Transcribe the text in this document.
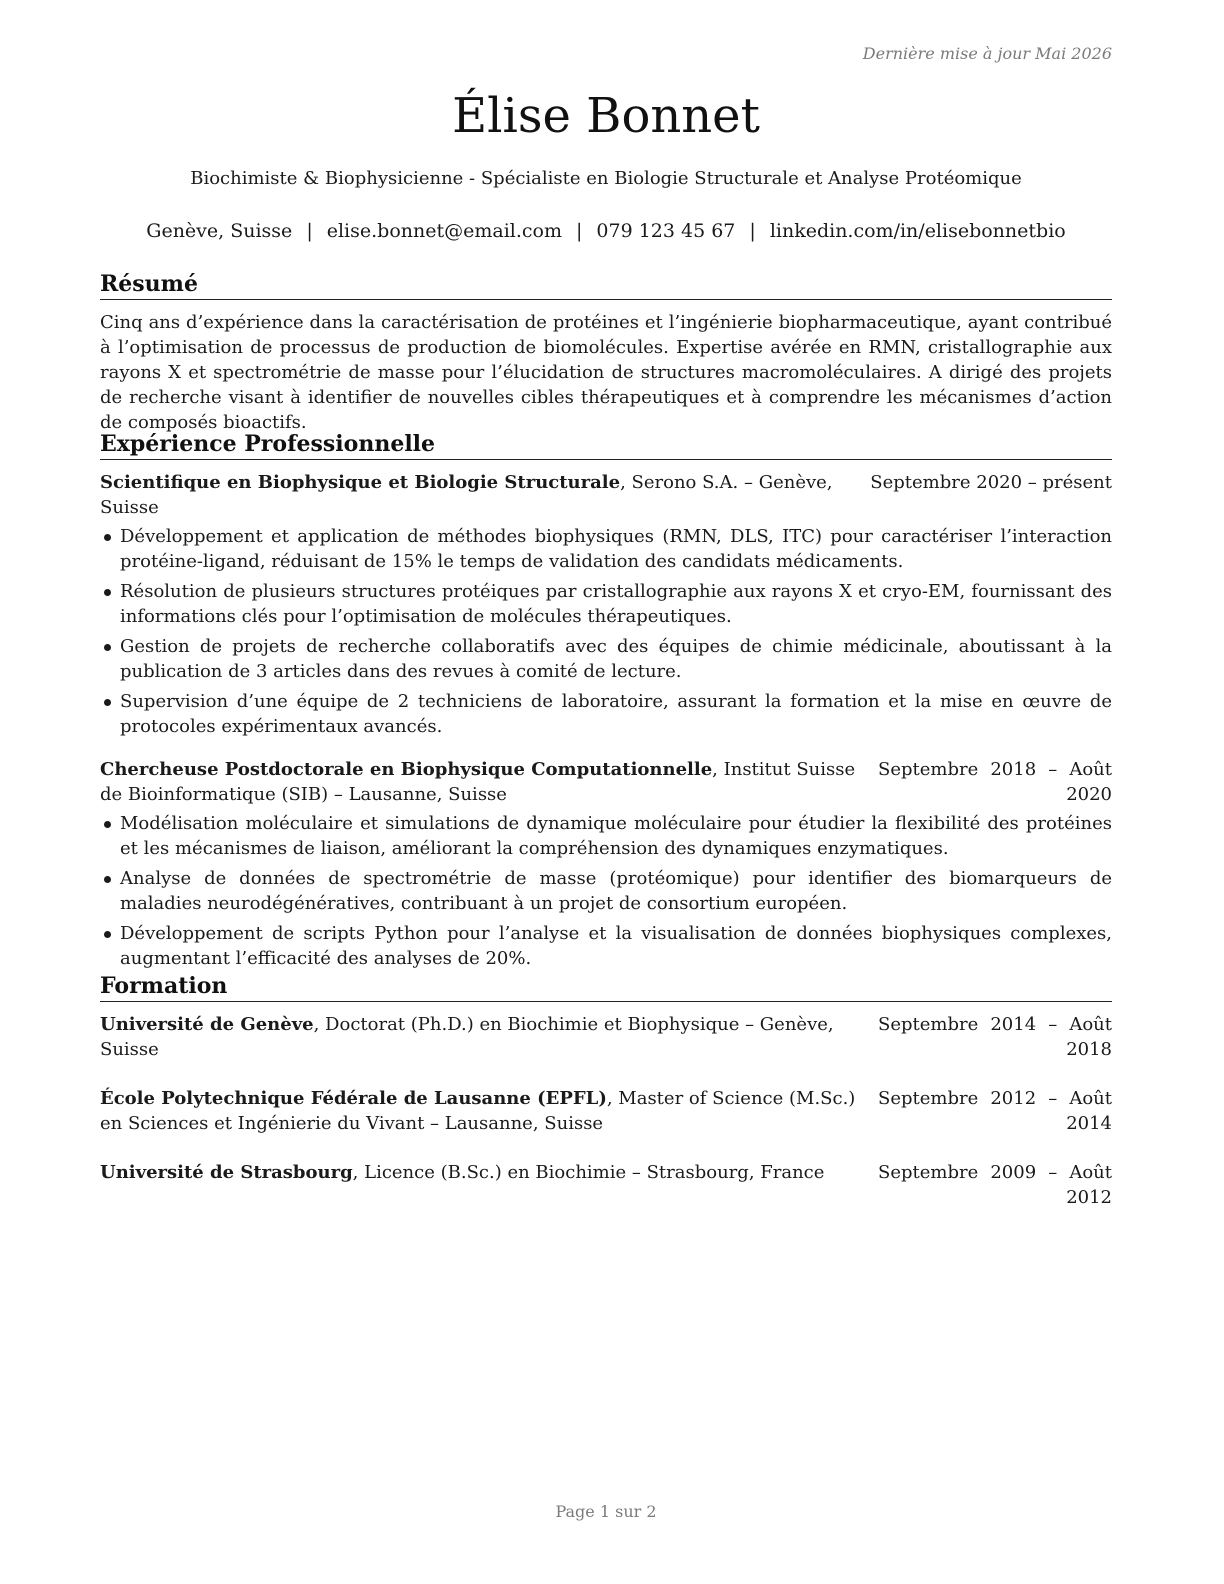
Dernière mise à jour Mai 2026
Élise Bonnet
Biochimiste & Biophysicienne - Spécialiste en Biologie Structurale et Analyse Protéomique
Genève, Suisse | elise.bonnet@email.com | 079 123 45 67 | linkedin.com/in/elisebonnetbio
Résumé

Cinq ans d’expérience dans la caractérisation de protéines et l’ingénierie biopharmaceutique, ayant contribué à l’optimisation de processus de production de biomolécules. Expertise avérée en RMN, cristallographie aux rayons X et spectrométrie de masse pour l’élucidation de structures macromoléculaires. A dirigé des projets de recherche visant à identifier de nouvelles cibles thérapeutiques et à comprendre les mécanismes d’action de composés bioactifs.

Expérience Professionnelle
Scientifique en Biophysique et Biologie Structurale, Serono S.A. – Genève, Suisse
Septembre 2020 – présent
Développement et application de méthodes biophysiques (RMN, DLS, ITC) pour caractériser l’interaction protéine-ligand, réduisant de 15% le temps de validation des candidats médicaments.
Résolution de plusieurs structures protéiques par cristallographie aux rayons X et cryo-EM, fournissant des informations clés pour l’optimisation de molécules thérapeutiques.
Gestion de projets de recherche collaboratifs avec des équipes de chimie médicinale, aboutissant à la publication de 3 articles dans des revues à comité de lecture.
Supervision d’une équipe de 2 techniciens de laboratoire, assurant la formation et la mise en œuvre de protocoles expérimentaux avancés.
Chercheuse Postdoctorale en Biophysique Computationnelle, Institut Suisse de Bioinformatique (SIB) – Lausanne, Suisse
Septembre 2018 – Août 2020
Modélisation moléculaire et simulations de dynamique moléculaire pour étudier la flexibilité des protéines et les mécanismes de liaison, améliorant la compréhension des dynamiques enzymatiques.
Analyse de données de spectrométrie de masse (protéomique) pour identifier des biomarqueurs de maladies neurodégénératives, contribuant à un projet de consortium européen.
Développement de scripts Python pour l’analyse et la visualisation de données biophysiques complexes, augmentant l’efficacité des analyses de 20%.
Formation
Université de Genève, Doctorat (Ph.D.) en Biochimie et Biophysique – Genève, Suisse
Septembre 2014 – Août 2018
École Polytechnique Fédérale de Lausanne (EPFL), Master of Science (M.Sc.) en Sciences et Ingénierie du Vivant – Lausanne, Suisse
Septembre 2012 – Août 2014
Université de Strasbourg, Licence (B.Sc.) en Biochimie – Strasbourg, France	Septembre 2009 – Août 2012
Page 1 sur 2
